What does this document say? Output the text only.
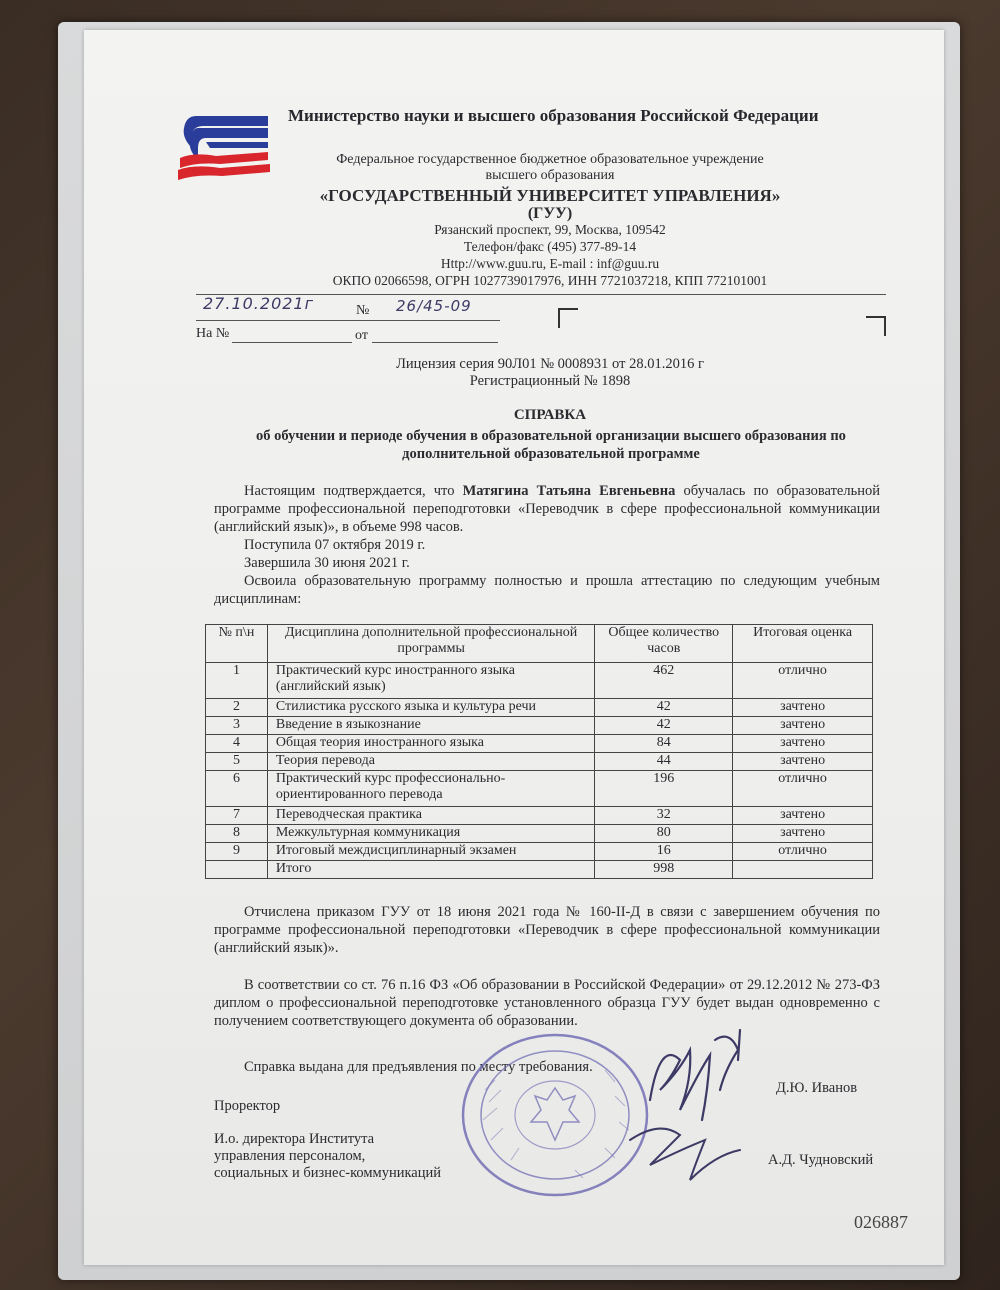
Министерство науки и высшего образования Российской Федерации
Федеральное государственное бюджетное образовательное учреждение
высшего образования
«ГОСУДАРСТВЕННЫЙ УНИВЕРСИТЕТ УПРАВЛЕНИЯ»
(ГУУ)
Рязанский проспект, 99, Москва, 109542
Телефон/факс (495) 377-89-14
Http://www.guu.ru, E-mail : inf@guu.ru
ОКПО 02066598, ОГРН 1027739017976, ИНН 7721037218, КПП 772101001
27.10.2021г	№ 26/45-09
На №	от
Лицензия серия 90Л01 № 0008931 от 28.01.2016 г
Регистрационный № 1898
СПРАВКА
об обучении и периоде обучения в образовательной организации высшего образования по дополнительной образовательной программе
Настоящим подтверждается, что Матягина Татьяна Евгеньевна обучалась по образовательной программе профессиональной переподготовки «Переводчик в сфере профессиональной коммуникации (английский язык)», в объеме 998 часов.
Поступила 07 октября 2019 г.
Завершила 30 июня 2021 г.
Освоила образовательную программу полностью и прошла аттестацию по следующим учебным дисциплинам:
№ п\н	Дисциплина дополнительной профессиональной программы	Общее количество часов	Итоговая оценка
1	Практический курс иностранного языка (английский язык)	462	отлично
2	Стилистика русского языка и культура речи	42	зачтено
3	Введение в языкознание	42	зачтено
4	Общая теория иностранного языка	84	зачтено
5	Теория перевода	44	зачтено
6	Практический курс профессионально-ориентированного перевода	196	отлично
7	Переводческая практика	32	зачтено
8	Межкультурная коммуникация	80	зачтено
9	Итоговый междисциплинарный экзамен	16	отлично
	Итого	998	
Отчислена приказом ГУУ от 18 июня 2021 года № 160-II-Д в связи с завершением обучения по программе профессиональной переподготовки «Переводчик в сфере профессиональной коммуникации (английский язык)».
В соответствии со ст. 76 п.16 ФЗ «Об образовании в Российской Федерации» от 29.12.2012 № 273-ФЗ диплом о профессиональной переподготовке установленного образца ГУУ будет выдан одновременно с получением соответствующего документа об образовании.
Справка выдана для предъявления по месту требования.
Проректор
Д.Ю. Иванов
И.о. директора Института
управления персоналом,
социальных и бизнес-коммуникаций
А.Д. Чудновский
026887
